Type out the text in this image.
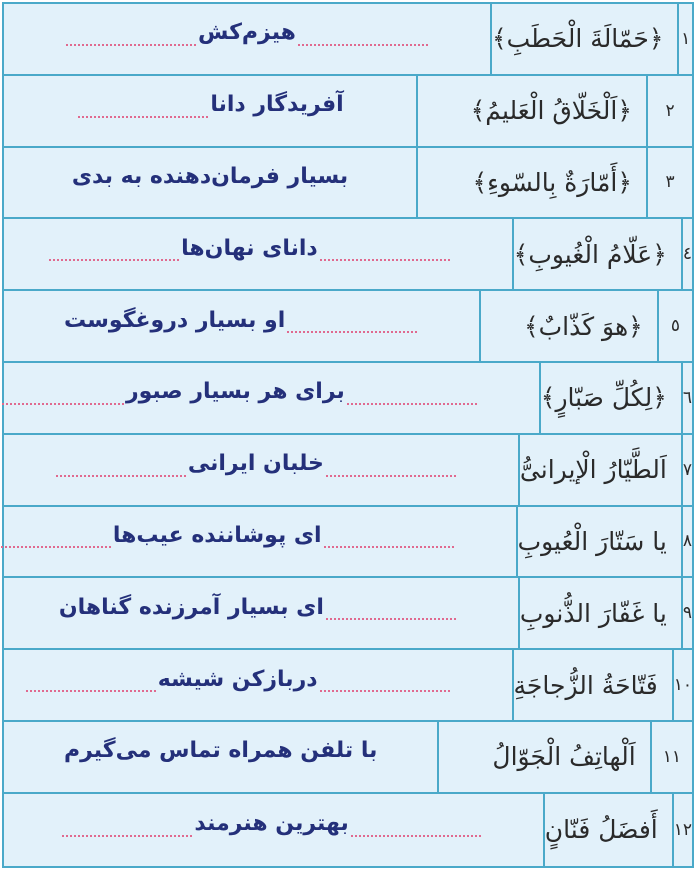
۱
﴿حَمّالَةَ الْحَطَبِ﴾
هیزم‌کش
۲
﴿اَلْخَلّاقُ الْعَلیمُ﴾
آفریدگار دانا
۳
﴿أَمّارَةٌ بِالسّوءِ﴾
بسیار فرمان‌دهنده به بدی
٤
﴿عَلّامُ الْغُیوبِ﴾
دانای نهان‌ها
٥
﴿هوَ كَذّابٌ﴾
او بسیار دروغگوست
٦
﴿لِكُلِّ صَبّارٍ﴾
برای هر بسیار صبور
۷
اَلطَّیّارُ الْإیرانیُّ
خلبان ایرانی
۸
یا سَتّارَ الْعُیوبِ
ای پوشاننده عیب‌ها
۹
یا غَفّارَ الذُّنوبِ
ای بسیار آمرزنده گناهان
۱۰
فَتّاحَةُ الزُّجاجَةِ
دربازکن شیشه
۱۱
اَلْهاتِفُ الْجَوّالُ
با تلفن همراه تماس می‌گیرم
۱۲
أَفضَلُ فَنّانٍ
بهترین هنرمند
